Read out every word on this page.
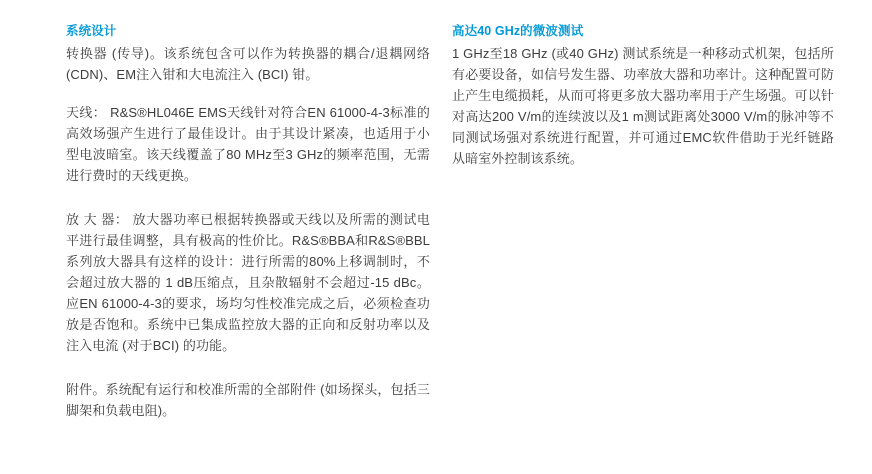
系统设计

转换器 (传导)。该系统包含可以作为转换器的耦合/退耦网络 (CDN)、EM注入钳和大电流注入 (BCI) 钳。

天线： R&S®HL046E EMS天线针对符合EN 61000-4-3标准的高效场强产生进行了最佳设计。由于其设计紧凑，也适用于小型电波暗室。该天线覆盖了80 MHz至3 GHz的频率范围，无需进行费时的天线更换。

放 大 器： 放大器功率已根据转换器或天线以及所需的测试电平进行最佳调整，具有极高的性价比。R&S®BBA和R&S®BBL系列放大器具有这样的设计：进行所需的80%上移调制时，不会超过放大器的 1 dB压缩点，且杂散辐射不会超过-15 dBc。应EN 61000-4-3的要求，场均匀性校准完成之后，必须检查功放是否饱和。系统中已集成监控放大器的正向和反射功率以及注入电流 (对于BCI) 的功能。

附件。系统配有运行和校准所需的全部附件 (如场探头，包括三脚架和负载电阻)。

高达40 GHz的微波测试

1 GHz至18 GHz (或40 GHz) 测试系统是一种移动式机架，包括所有必要设备，如信号发生器、功率放大器和功率计。这种配置可防止产生电缆损耗，从而可将更多放大器功率用于产生场强。可以针对高达200 V/m的连续波以及1 m测试距离处3000 V/m的脉冲等不同测试场强对系统进行配置，并可通过EMC软件借助于光纤链路从暗室外控制该系统。
